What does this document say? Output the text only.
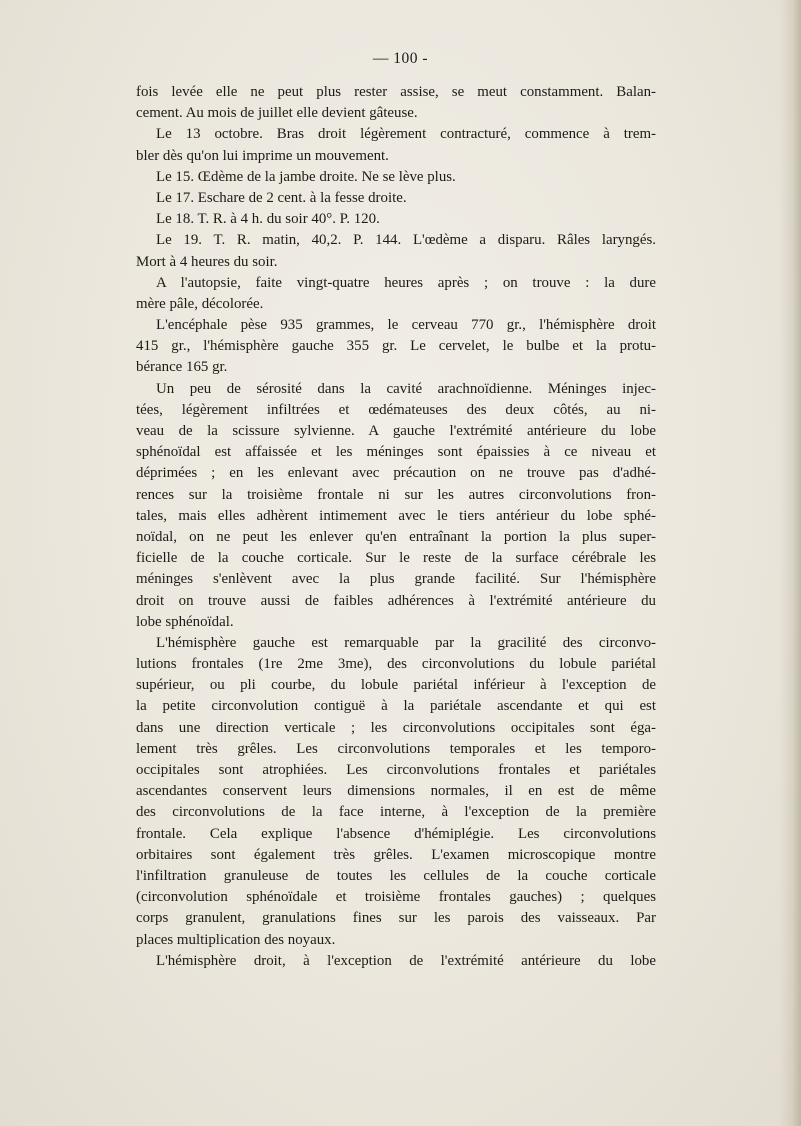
— 100 -
fois levée elle ne peut plus rester assise, se meut constamment. Balan-
cement. Au mois de juillet elle devient gâteuse.
Le 13 octobre. Bras droit légèrement contracturé, commence à trem-
bler dès qu'on lui imprime un mouvement.
Le 15. Œdème de la jambe droite. Ne se lève plus.
Le 17. Eschare de 2 cent. à la fesse droite.
Le 18. T. R. à 4 h. du soir 40°. P. 120.
Le 19. T. R. matin, 40,2. P. 144. L'œdème a disparu. Râles laryngés.
Mort à 4 heures du soir.
A l'autopsie, faite vingt-quatre heures après ; on trouve : la dure
mère pâle, décolorée.
L'encéphale pèse 935 grammes, le cerveau 770 gr., l'hémisphère droit
415 gr., l'hémisphère gauche 355 gr. Le cervelet, le bulbe et la protu-
bérance 165 gr.
Un peu de sérosité dans la cavité arachnoïdienne. Méninges injec-
tées, légèrement infiltrées et œdémateuses des deux côtés, au ni-
veau de la scissure sylvienne. A gauche l'extrémité antérieure du lobe
sphénoïdal est affaissée et les méninges sont épaissies à ce niveau et
déprimées ; en les enlevant avec précaution on ne trouve pas d'adhé-
rences sur la troisième frontale ni sur les autres circonvolutions fron-
tales, mais elles adhèrent intimement avec le tiers antérieur du lobe sphé-
noïdal, on ne peut les enlever qu'en entraînant la portion la plus super-
ficielle de la couche corticale. Sur le reste de la surface cérébrale les
méninges s'enlèvent avec la plus grande facilité. Sur l'hémisphère
droit on trouve aussi de faibles adhérences à l'extrémité antérieure du
lobe sphénoïdal.
L'hémisphère gauche est remarquable par la gracilité des circonvo-
lutions frontales (1re 2me 3me), des circonvolutions du lobule pariétal
supérieur, ou pli courbe, du lobule pariétal inférieur à l'exception de
la petite circonvolution contiguë à la pariétale ascendante et qui est
dans une direction verticale ; les circonvolutions occipitales sont éga-
lement très grêles. Les circonvolutions temporales et les temporo-
occipitales sont atrophiées. Les circonvolutions frontales et pariétales
ascendantes conservent leurs dimensions normales, il en est de même
des circonvolutions de la face interne, à l'exception de la première
frontale. Cela explique l'absence d'hémiplégie. Les circonvolutions
orbitaires sont également très grêles. L'examen microscopique montre
l'infiltration granuleuse de toutes les cellules de la couche corticale
(circonvolution sphénoïdale et troisième frontales gauches) ; quelques
corps granulent, granulations fines sur les parois des vaisseaux. Par
places multiplication des noyaux.
L'hémisphère droit, à l'exception de l'extrémité antérieure du lobe
